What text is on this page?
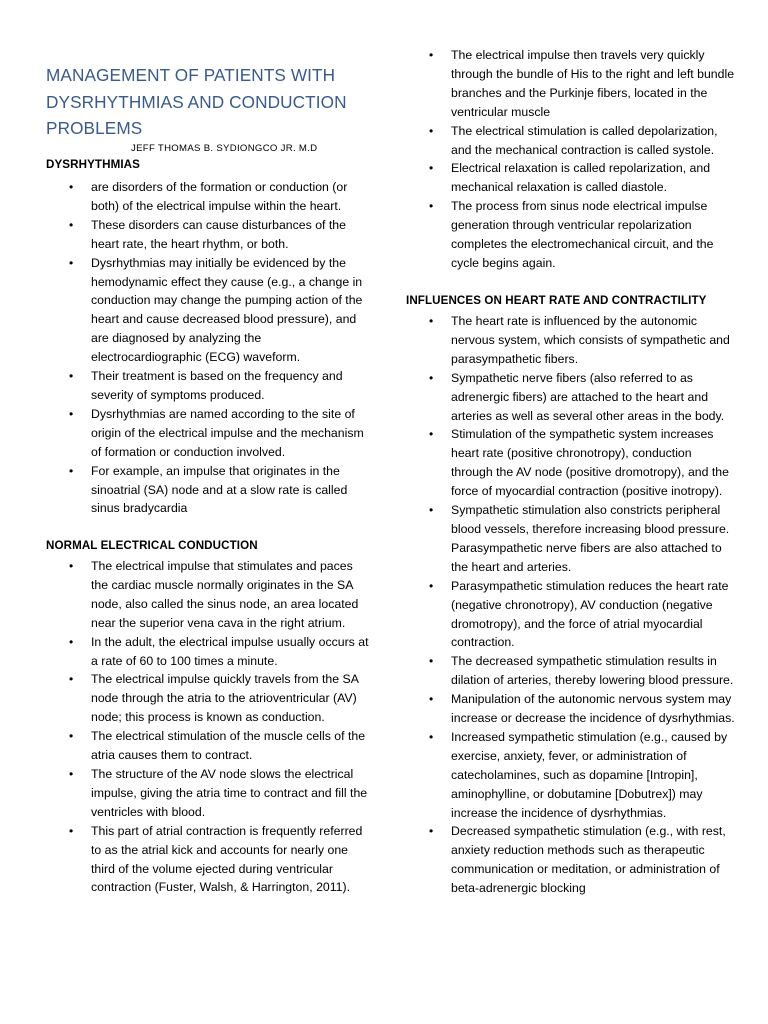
MANAGEMENT OF PATIENTS WITH DYSRHYTHMIAS AND CONDUCTION PROBLEMS
JEFF THOMAS B. SYDIONGCO JR. M.D
DYSRHYTHMIAS
• are disorders of the formation or conduction (or both) of the electrical impulse within the heart.
• These disorders can cause disturbances of the heart rate, the heart rhythm, or both.
• Dysrhythmias may initially be evidenced by the hemodynamic effect they cause (e.g., a change in conduction may change the pumping action of the heart and cause decreased blood pressure), and are diagnosed by analyzing the electrocardiographic (ECG) waveform.
• Their treatment is based on the frequency and severity of symptoms produced.
• Dysrhythmias are named according to the site of origin of the electrical impulse and the mechanism of formation or conduction involved.
• For example, an impulse that originates in the sinoatrial (SA) node and at a slow rate is called sinus bradycardia
NORMAL ELECTRICAL CONDUCTION
• The electrical impulse that stimulates and paces the cardiac muscle normally originates in the SA node, also called the sinus node, an area located near the superior vena cava in the right atrium.
• In the adult, the electrical impulse usually occurs at a rate of 60 to 100 times a minute.
• The electrical impulse quickly travels from the SA node through the atria to the atrioventricular (AV) node; this process is known as conduction.
• The electrical stimulation of the muscle cells of the atria causes them to contract.
• The structure of the AV node slows the electrical impulse, giving the atria time to contract and fill the ventricles with blood.
• This part of atrial contraction is frequently referred to as the atrial kick and accounts for nearly one third of the volume ejected during ventricular contraction (Fuster, Walsh, & Harrington, 2011).
• The electrical impulse then travels very quickly through the bundle of His to the right and left bundle branches and the Purkinje fibers, located in the ventricular muscle
• The electrical stimulation is called depolarization, and the mechanical contraction is called systole.
• Electrical relaxation is called repolarization, and mechanical relaxation is called diastole.
• The process from sinus node electrical impulse generation through ventricular repolarization completes the electromechanical circuit, and the cycle begins again.
INFLUENCES ON HEART RATE AND CONTRACTILITY
• The heart rate is influenced by the autonomic nervous system, which consists of sympathetic and parasympathetic fibers.
• Sympathetic nerve fibers (also referred to as adrenergic fibers) are attached to the heart and arteries as well as several other areas in the body.
• Stimulation of the sympathetic system increases heart rate (positive chronotropy), conduction through the AV node (positive dromotropy), and the force of myocardial contraction (positive inotropy).
• Sympathetic stimulation also constricts peripheral blood vessels, therefore increasing blood pressure. Parasympathetic nerve fibers are also attached to the heart and arteries.
• Parasympathetic stimulation reduces the heart rate (negative chronotropy), AV conduction (negative dromotropy), and the force of atrial myocardial contraction.
• The decreased sympathetic stimulation results in dilation of arteries, thereby lowering blood pressure.
• Manipulation of the autonomic nervous system may increase or decrease the incidence of dysrhythmias.
• Increased sympathetic stimulation (e.g., caused by exercise, anxiety, fever, or administration of catecholamines, such as dopamine [Intropin], aminophylline, or dobutamine [Dobutrex]) may increase the incidence of dysrhythmias.
• Decreased sympathetic stimulation (e.g., with rest, anxiety reduction methods such as therapeutic communication or meditation, or administration of beta-adrenergic blocking
